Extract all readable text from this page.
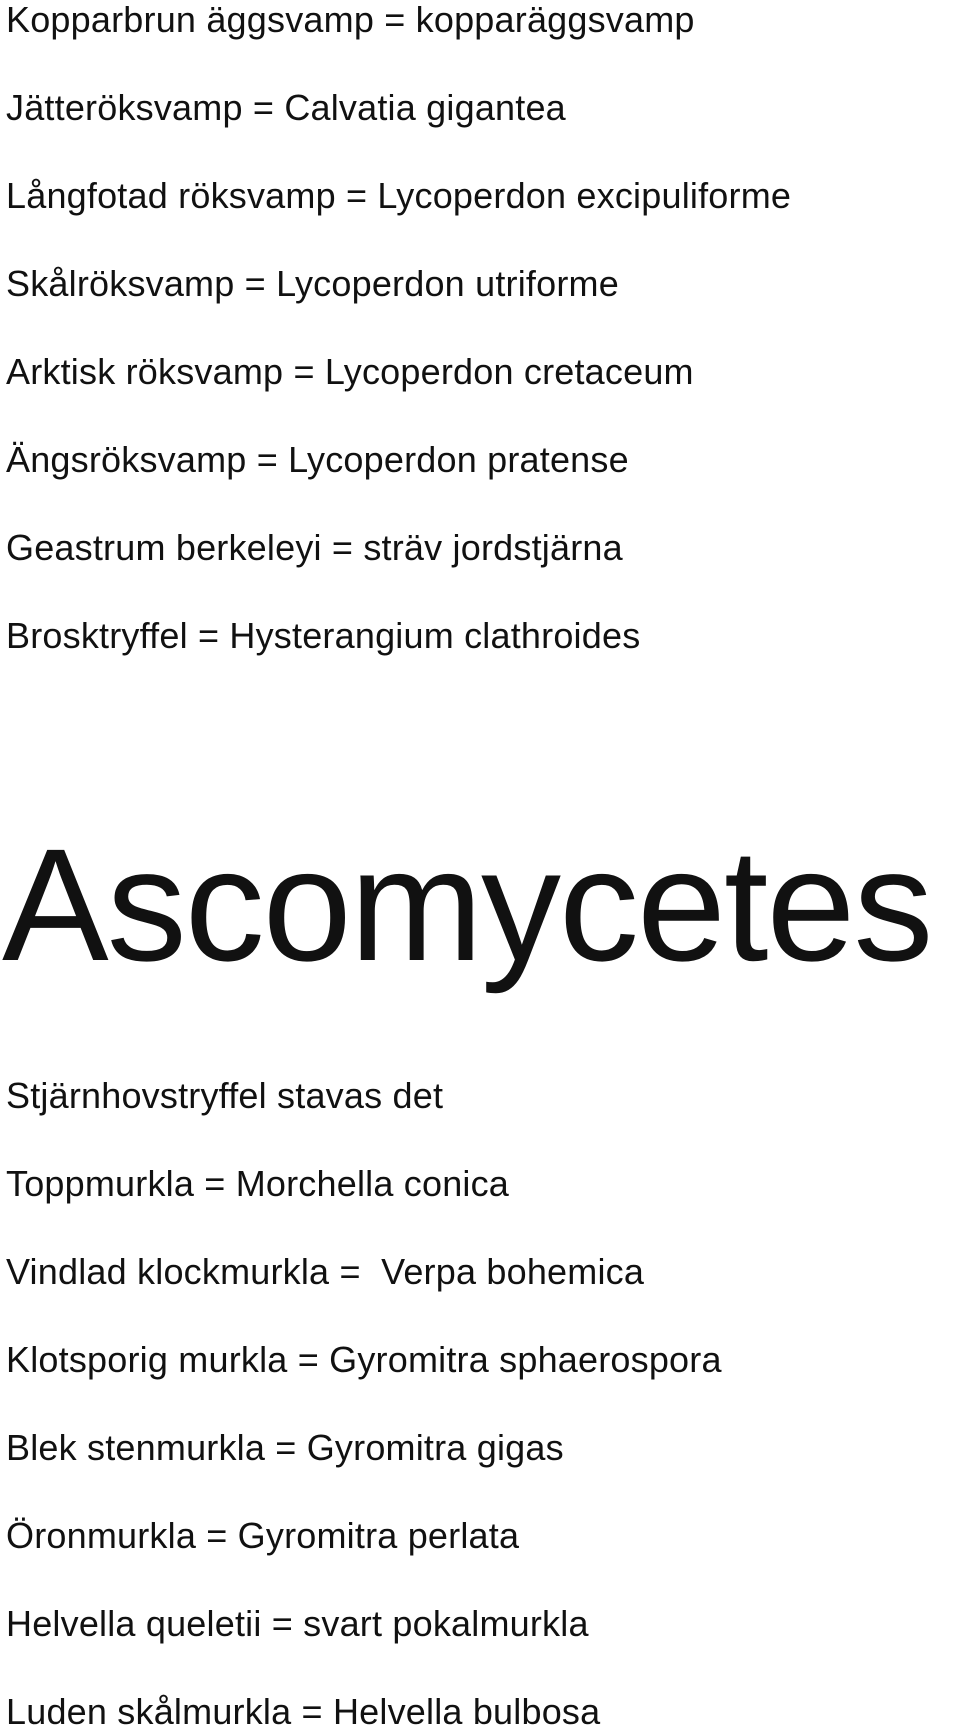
Kopparbrun äggsvamp = kopparäggsvamp

Jätteröksvamp = Calvatia gigantea

Långfotad röksvamp = Lycoperdon excipuliforme

Skålröksvamp = Lycoperdon utriforme

Arktisk röksvamp = Lycoperdon cretaceum

Ängsröksvamp = Lycoperdon pratense

Geastrum berkeleyi = sträv jordstjärna

Brosktryffel = Hysterangium clathroides

Ascomycetes

Stjärnhovstryffel stavas det

Toppmurkla = Morchella conica

Vindlad klockmurkla =  Verpa bohemica

Klotsporig murkla = Gyromitra sphaerospora

Blek stenmurkla = Gyromitra gigas

Öronmurkla = Gyromitra perlata

Helvella queletii = svart pokalmurkla

Luden skålmurkla = Helvella bulbosa
